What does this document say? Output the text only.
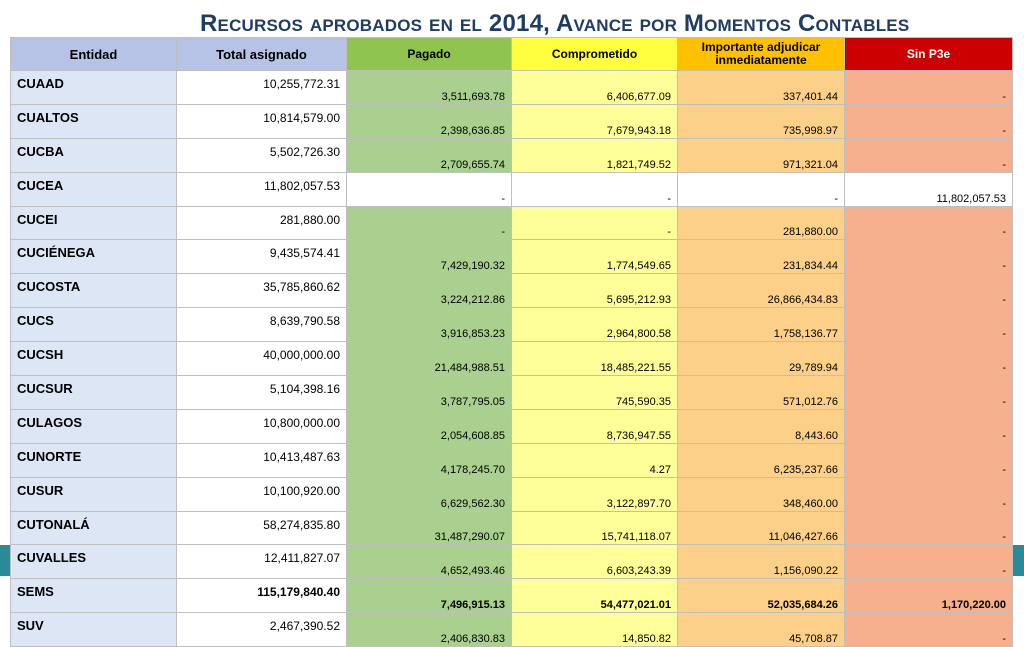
Recursos aprobados en el 2014, Avance por Momentos Contables
Entidad	Total asignado	Pagado	Comprometido	Importante adjudicar inmediatamente	Sin P3e
CUAAD	10,255,772.31	3,511,693.78	6,406,677.09	337,401.44	-
CUALTOS	10,814,579.00	2,398,636.85	7,679,943.18	735,998.97	-
CUCBA	5,502,726.30	2,709,655.74	1,821,749.52	971,321.04	-
CUCEA	11,802,057.53	-	-	-	11,802,057.53
CUCEI	281,880.00	-	-	281,880.00	-
CUCIÉNEGA	9,435,574.41	7,429,190.32	1,774,549.65	231,834.44	-
CUCOSTA	35,785,860.62	3,224,212.86	5,695,212.93	26,866,434.83	-
CUCS	8,639,790.58	3,916,853.23	2,964,800.58	1,758,136.77	-
CUCSH	40,000,000.00	21,484,988.51	18,485,221.55	29,789.94	-
CUCSUR	5,104,398.16	3,787,795.05	745,590.35	571,012.76	-
CULAGOS	10,800,000.00	2,054,608.85	8,736,947.55	8,443.60	-
CUNORTE	10,413,487.63	4,178,245.70	4.27	6,235,237.66	-
CUSUR	10,100,920.00	6,629,562.30	3,122,897.70	348,460.00	-
CUTONALÁ	58,274,835.80	31,487,290.07	15,741,118.07	11,046,427.66	-
CUVALLES	12,411,827.07	4,652,493.46	6,603,243.39	1,156,090.22	-
SEMS	115,179,840.40	7,496,915.13	54,477,021.01	52,035,684.26	1,170,220.00
SUV	2,467,390.52	2,406,830.83	14,850.82	45,708.87	-
